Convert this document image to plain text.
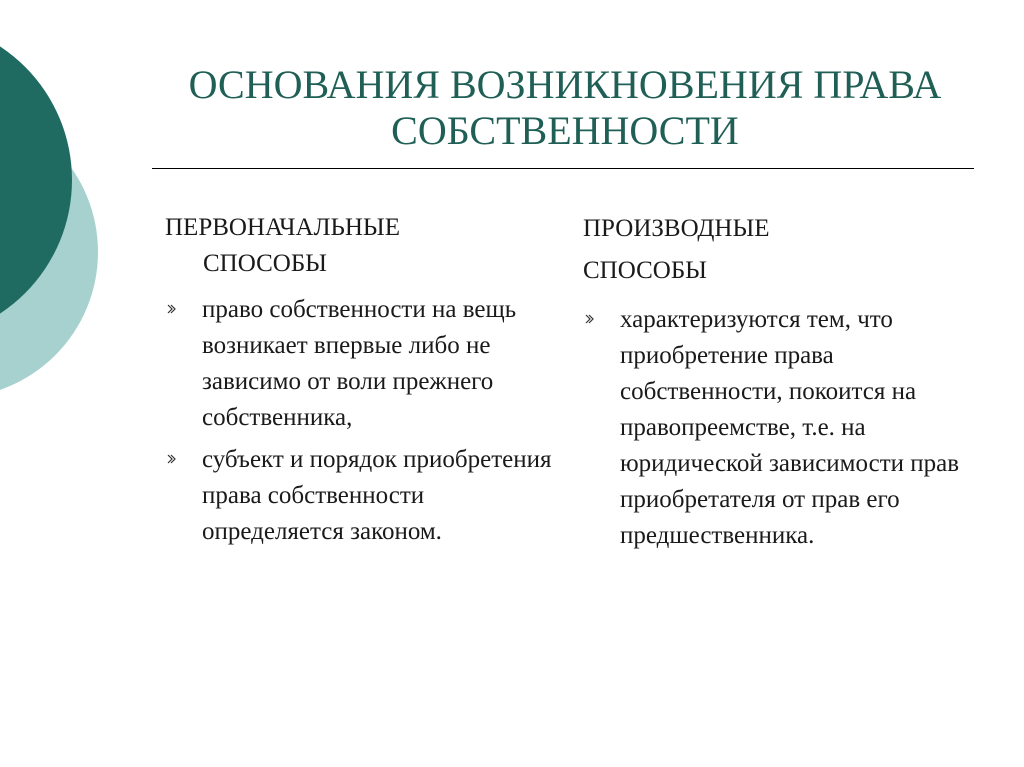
ОСНОВАНИЯ ВОЗНИКНОВЕНИЯ ПРАВА СОБСТВЕННОСТИ
ПЕРВОНАЧАЛЬНЫЕ
СПОСОБЫ
право собственности на вещь возникает впервые либо не зависимо от воли прежнего собственника,
субъект и порядок приобретения права собственности определяется законом.
ПРОИЗВОДНЫЕ
СПОСОБЫ
характеризуются тем, что приобретение права собственности, покоится на правопреемстве, т.е. на юридической зависимости прав приобретателя от прав его предшественника.
